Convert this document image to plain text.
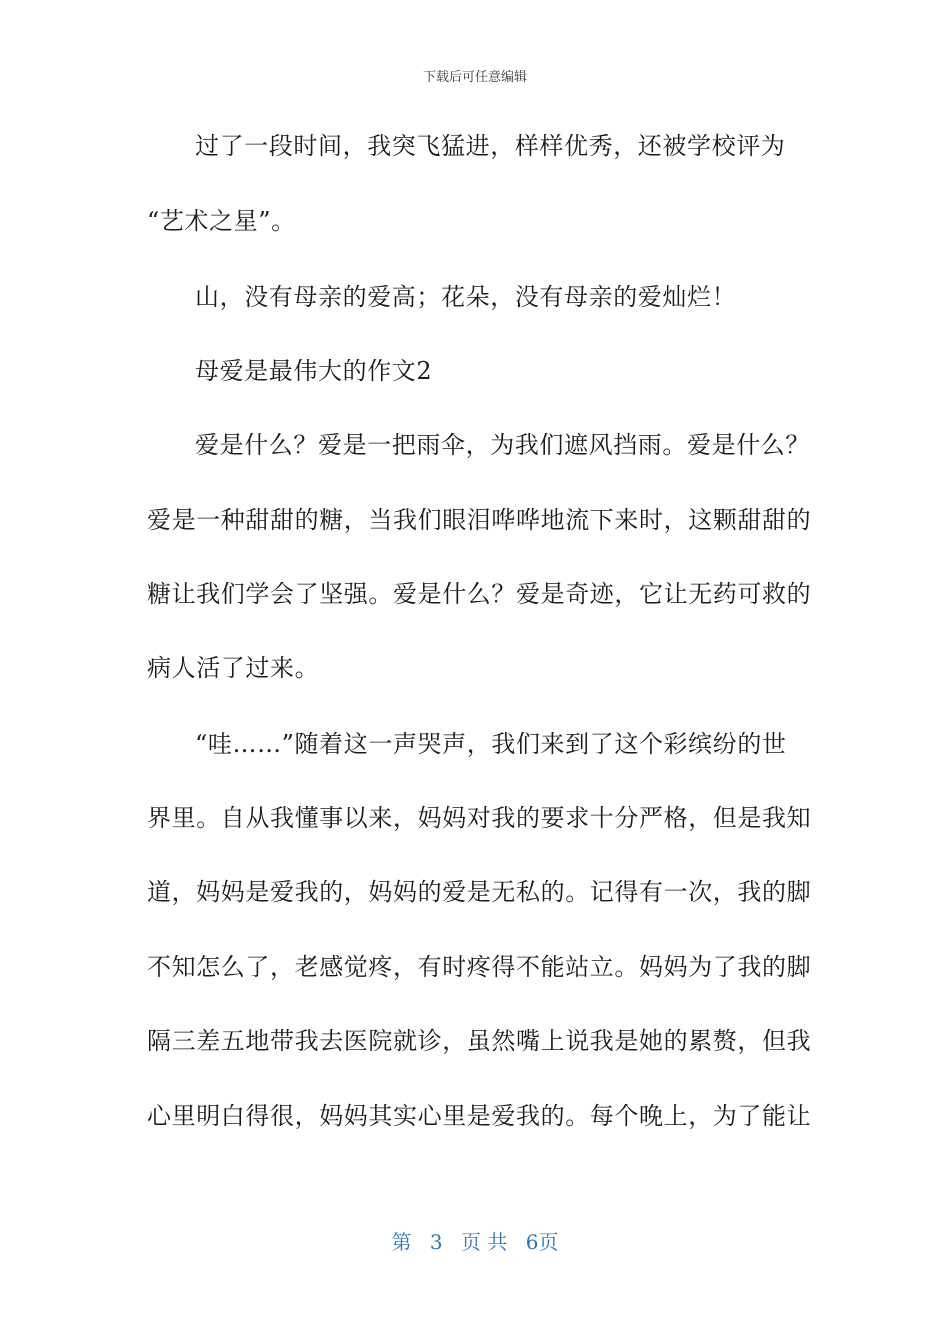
下载后可任意编辑
过了一段时间，我突飞猛进，样样优秀，还被学校评为
“艺术之星”。
山，没有母亲的爱高；花朵，没有母亲的爱灿烂！
母爱是最伟大的作文2
爱是什么？爱是一把雨伞，为我们遮风挡雨。爱是什么？
爱是一种甜甜的糖，当我们眼泪哗哗地流下来时，这颗甜甜的
糖让我们学会了坚强。爱是什么？爱是奇迹，它让无药可救的
病人活了过来。
“哇……”随着这一声哭声，我们来到了这个彩缤纷的世
界里。自从我懂事以来，妈妈对我的要求十分严格，但是我知
道，妈妈是爱我的，妈妈的爱是无私的。记得有一次，我的脚
不知怎么了，老感觉疼，有时疼得不能站立。妈妈为了我的脚
隔三差五地带我去医院就诊，虽然嘴上说我是她的累赘，但我
心里明白得很，妈妈其实心里是爱我的。每个晚上，为了能让
第 3 页 共 6页
